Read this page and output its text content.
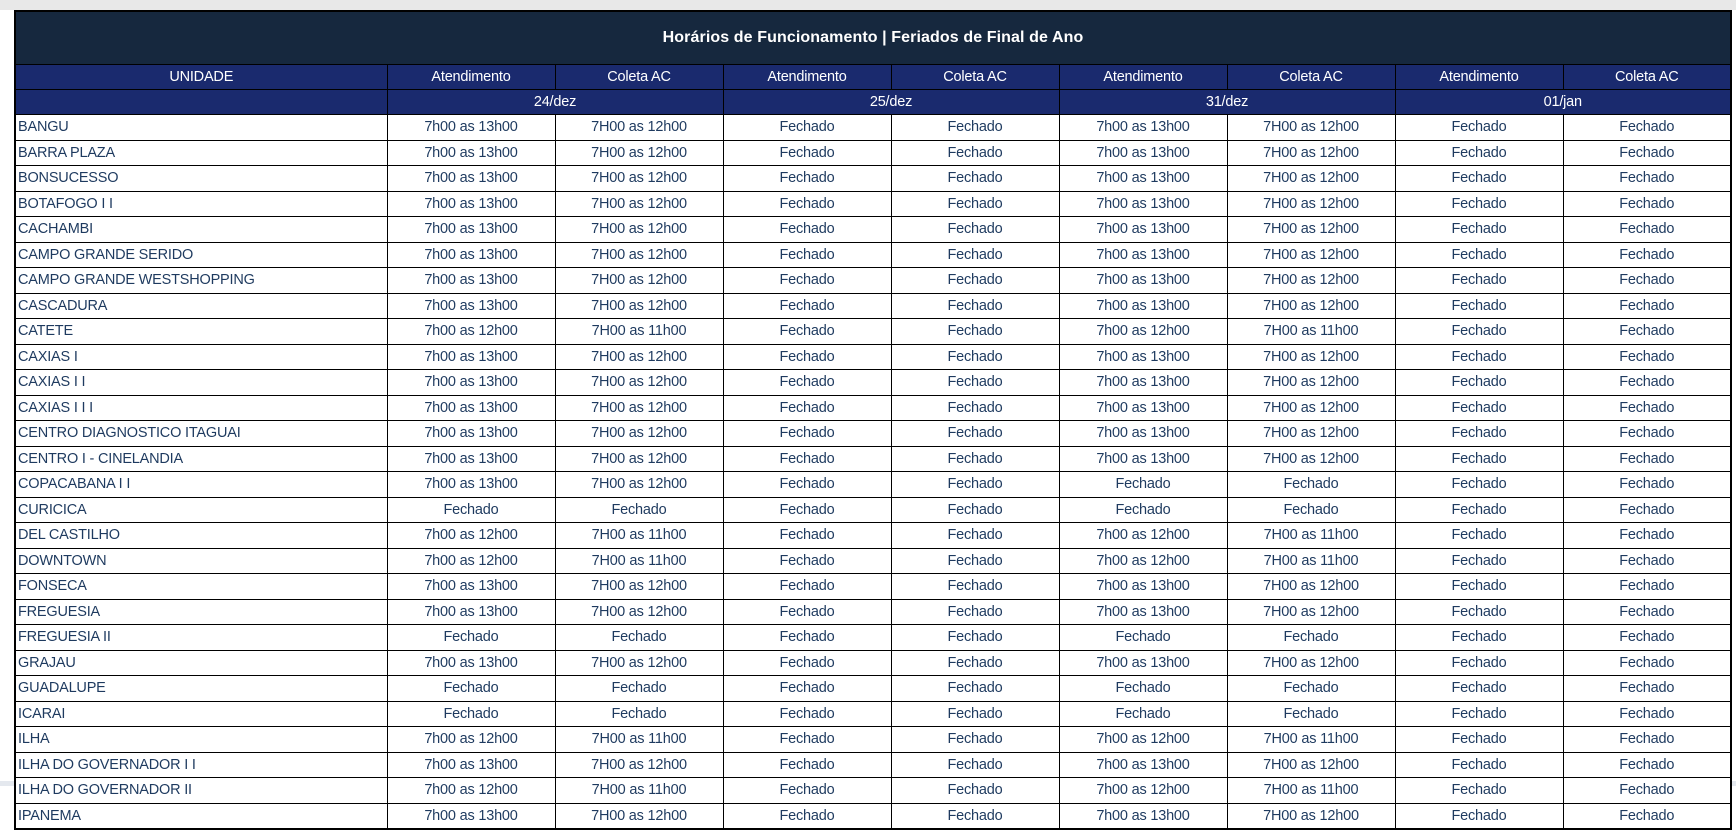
Horários de Funcionamento | Feriados de Final de Ano								
UNIDADE	Atendimento	Coleta AC	Atendimento	Coleta AC	Atendimento	Coleta AC	Atendimento	Coleta AC
	24/dez		25/dez		31/dez		01/jan	
BANGU	7h00 as 13h00	7H00 as 12h00	Fechado	Fechado	7h00 as 13h00	7H00 as 12h00	Fechado	Fechado
BARRA PLAZA	7h00 as 13h00	7H00 as 12h00	Fechado	Fechado	7h00 as 13h00	7H00 as 12h00	Fechado	Fechado
BONSUCESSO	7h00 as 13h00	7H00 as 12h00	Fechado	Fechado	7h00 as 13h00	7H00 as 12h00	Fechado	Fechado
BOTAFOGO I I	7h00 as 13h00	7H00 as 12h00	Fechado	Fechado	7h00 as 13h00	7H00 as 12h00	Fechado	Fechado
CACHAMBI	7h00 as 13h00	7H00 as 12h00	Fechado	Fechado	7h00 as 13h00	7H00 as 12h00	Fechado	Fechado
CAMPO GRANDE SERIDO	7h00 as 13h00	7H00 as 12h00	Fechado	Fechado	7h00 as 13h00	7H00 as 12h00	Fechado	Fechado
CAMPO GRANDE WESTSHOPPING	7h00 as 13h00	7H00 as 12h00	Fechado	Fechado	7h00 as 13h00	7H00 as 12h00	Fechado	Fechado
CASCADURA	7h00 as 13h00	7H00 as 12h00	Fechado	Fechado	7h00 as 13h00	7H00 as 12h00	Fechado	Fechado
CATETE	7h00 as 12h00	7H00 as 11h00	Fechado	Fechado	7h00 as 12h00	7H00 as 11h00	Fechado	Fechado
CAXIAS I	7h00 as 13h00	7H00 as 12h00	Fechado	Fechado	7h00 as 13h00	7H00 as 12h00	Fechado	Fechado
CAXIAS I I	7h00 as 13h00	7H00 as 12h00	Fechado	Fechado	7h00 as 13h00	7H00 as 12h00	Fechado	Fechado
CAXIAS I I I	7h00 as 13h00	7H00 as 12h00	Fechado	Fechado	7h00 as 13h00	7H00 as 12h00	Fechado	Fechado
CENTRO DIAGNOSTICO ITAGUAI	7h00 as 13h00	7H00 as 12h00	Fechado	Fechado	7h00 as 13h00	7H00 as 12h00	Fechado	Fechado
CENTRO I - CINELANDIA	7h00 as 13h00	7H00 as 12h00	Fechado	Fechado	7h00 as 13h00	7H00 as 12h00	Fechado	Fechado
COPACABANA I I	7h00 as 13h00	7H00 as 12h00	Fechado	Fechado	Fechado	Fechado	Fechado	Fechado
CURICICA	Fechado	Fechado	Fechado	Fechado	Fechado	Fechado	Fechado	Fechado
DEL CASTILHO	7h00 as 12h00	7H00 as 11h00	Fechado	Fechado	7h00 as 12h00	7H00 as 11h00	Fechado	Fechado
DOWNTOWN	7h00 as 12h00	7H00 as 11h00	Fechado	Fechado	7h00 as 12h00	7H00 as 11h00	Fechado	Fechado
FONSECA	7h00 as 13h00	7H00 as 12h00	Fechado	Fechado	7h00 as 13h00	7H00 as 12h00	Fechado	Fechado
FREGUESIA	7h00 as 13h00	7H00 as 12h00	Fechado	Fechado	7h00 as 13h00	7H00 as 12h00	Fechado	Fechado
FREGUESIA II	Fechado	Fechado	Fechado	Fechado	Fechado	Fechado	Fechado	Fechado
GRAJAU	7h00 as 13h00	7H00 as 12h00	Fechado	Fechado	7h00 as 13h00	7H00 as 12h00	Fechado	Fechado
GUADALUPE	Fechado	Fechado	Fechado	Fechado	Fechado	Fechado	Fechado	Fechado
ICARAI	Fechado	Fechado	Fechado	Fechado	Fechado	Fechado	Fechado	Fechado
ILHA	7h00 as 12h00	7H00 as 11h00	Fechado	Fechado	7h00 as 12h00	7H00 as 11h00	Fechado	Fechado
ILHA DO GOVERNADOR I I	7h00 as 13h00	7H00 as 12h00	Fechado	Fechado	7h00 as 13h00	7H00 as 12h00	Fechado	Fechado
ILHA DO GOVERNADOR II	7h00 as 12h00	7H00 as 11h00	Fechado	Fechado	7h00 as 12h00	7H00 as 11h00	Fechado	Fechado
IPANEMA	7h00 as 13h00	7H00 as 12h00	Fechado	Fechado	7h00 as 13h00	7H00 as 12h00	Fechado	Fechado
